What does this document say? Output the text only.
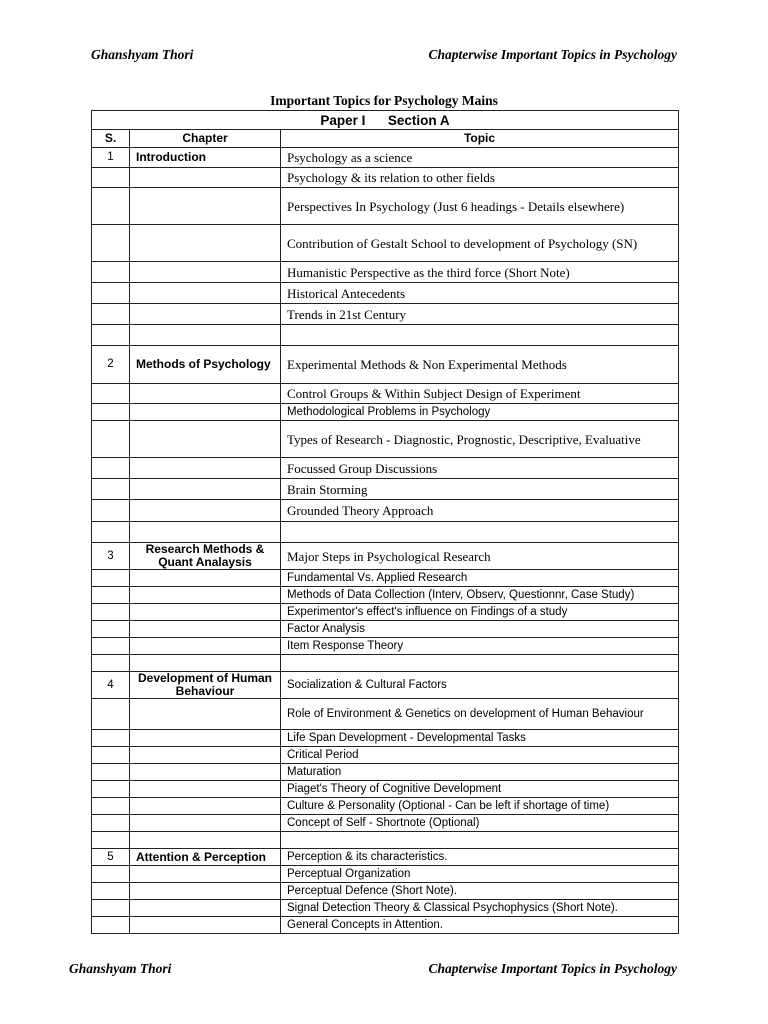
Ghanshyam Thori	Chapterwise Important Topics in Psychology
Important Topics for Psychology Mains
Paper I      Section A		
S.	Chapter	Topic
1	Introduction	Psychology as a science
		Psychology & its relation to other fields
		Perspectives In Psychology (Just 6 headings - Details elsewhere)
		Contribution of Gestalt School to development of Psychology (SN)
		Humanistic Perspective as the third force (Short Note)
		Historical Antecedents
		Trends in 21st Century

2	Methods of Psychology	Experimental Methods & Non Experimental Methods
		Control Groups & Within Subject Design of Experiment
		Methodological Problems in Psychology
		Types of Research - Diagnostic, Prognostic, Descriptive, Evaluative
		Focussed Group Discussions
		Brain Storming
		Grounded Theory Approach

3	Research Methods & Quant Analaysis	Major Steps in Psychological Research
		Fundamental Vs. Applied Research
		Methods of Data Collection (Interv, Observ, Questionnr, Case Study)
		Experimentor's effect's influence on Findings of a study
		Factor Analysis
		Item Response Theory

4	Development of Human Behaviour	Socialization & Cultural Factors
		Role of Environment & Genetics on development of Human Behaviour
		Life Span Development - Developmental Tasks
		Critical Period
		Maturation
		Piaget's Theory of Cognitive Development
		Culture & Personality (Optional - Can be left if shortage of time)
		Concept of Self - Shortnote (Optional)

5	Attention & Perception	Perception & its characteristics.
		Perceptual Organization
		Perceptual Defence (Short Note).
		Signal Detection Theory & Classical Psychophysics (Short Note).
		General Concepts in Attention.
Ghanshyam Thori	Chapterwise Important Topics in Psychology
